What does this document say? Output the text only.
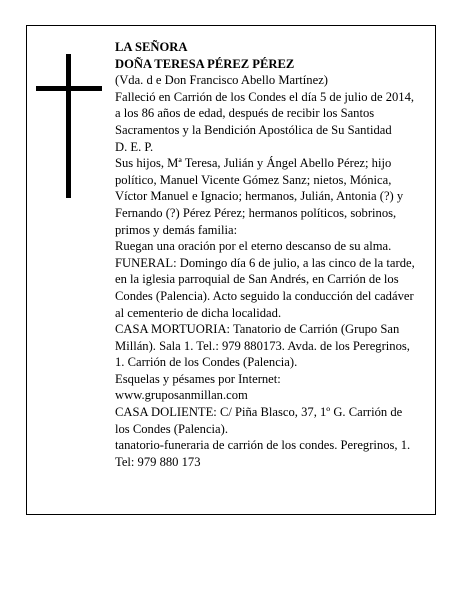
LA SEÑORA

DOÑA TERESA PÉREZ PÉREZ

(Vda. d e Don Francisco Abello Martínez)

Falleció en Carrión de los Condes el día 5 de julio de 2014, a los 86 años de edad, después de recibir los Santos Sacramentos y la Bendición Apostólica de Su Santidad

D. E. P.

Sus hijos, Mª Teresa, Julián y Ángel Abello Pérez; hijo político, Manuel Vicente Gómez Sanz; nietos, Mónica, Víctor Manuel e Ignacio; hermanos, Julián, Antonia (?) y Fernando (?) Pérez Pérez; hermanos políticos, sobrinos, primos y demás familia:

Ruegan una oración por el eterno descanso de su alma.

FUNERAL: Domingo día 6 de julio, a las cinco de la tarde, en la iglesia parroquial de San Andrés, en Carrión de los Condes (Palencia). Acto seguido la conducción del cadáver al cementerio de dicha localidad.

CASA MORTUORIA: Tanatorio de Carrión (Grupo San Millán). Sala 1. Tel.: 979 880173. Avda. de los Peregrinos, 1. Carrión de los Condes (Palencia).

Esquelas y pésames por Internet:

www.gruposanmillan.com

CASA DOLIENTE: C/ Piña Blasco, 37, 1º G. Carrión de los Condes (Palencia).

tanatorio-funeraria de carrión de los condes. Peregrinos, 1. Tel: 979 880 173
